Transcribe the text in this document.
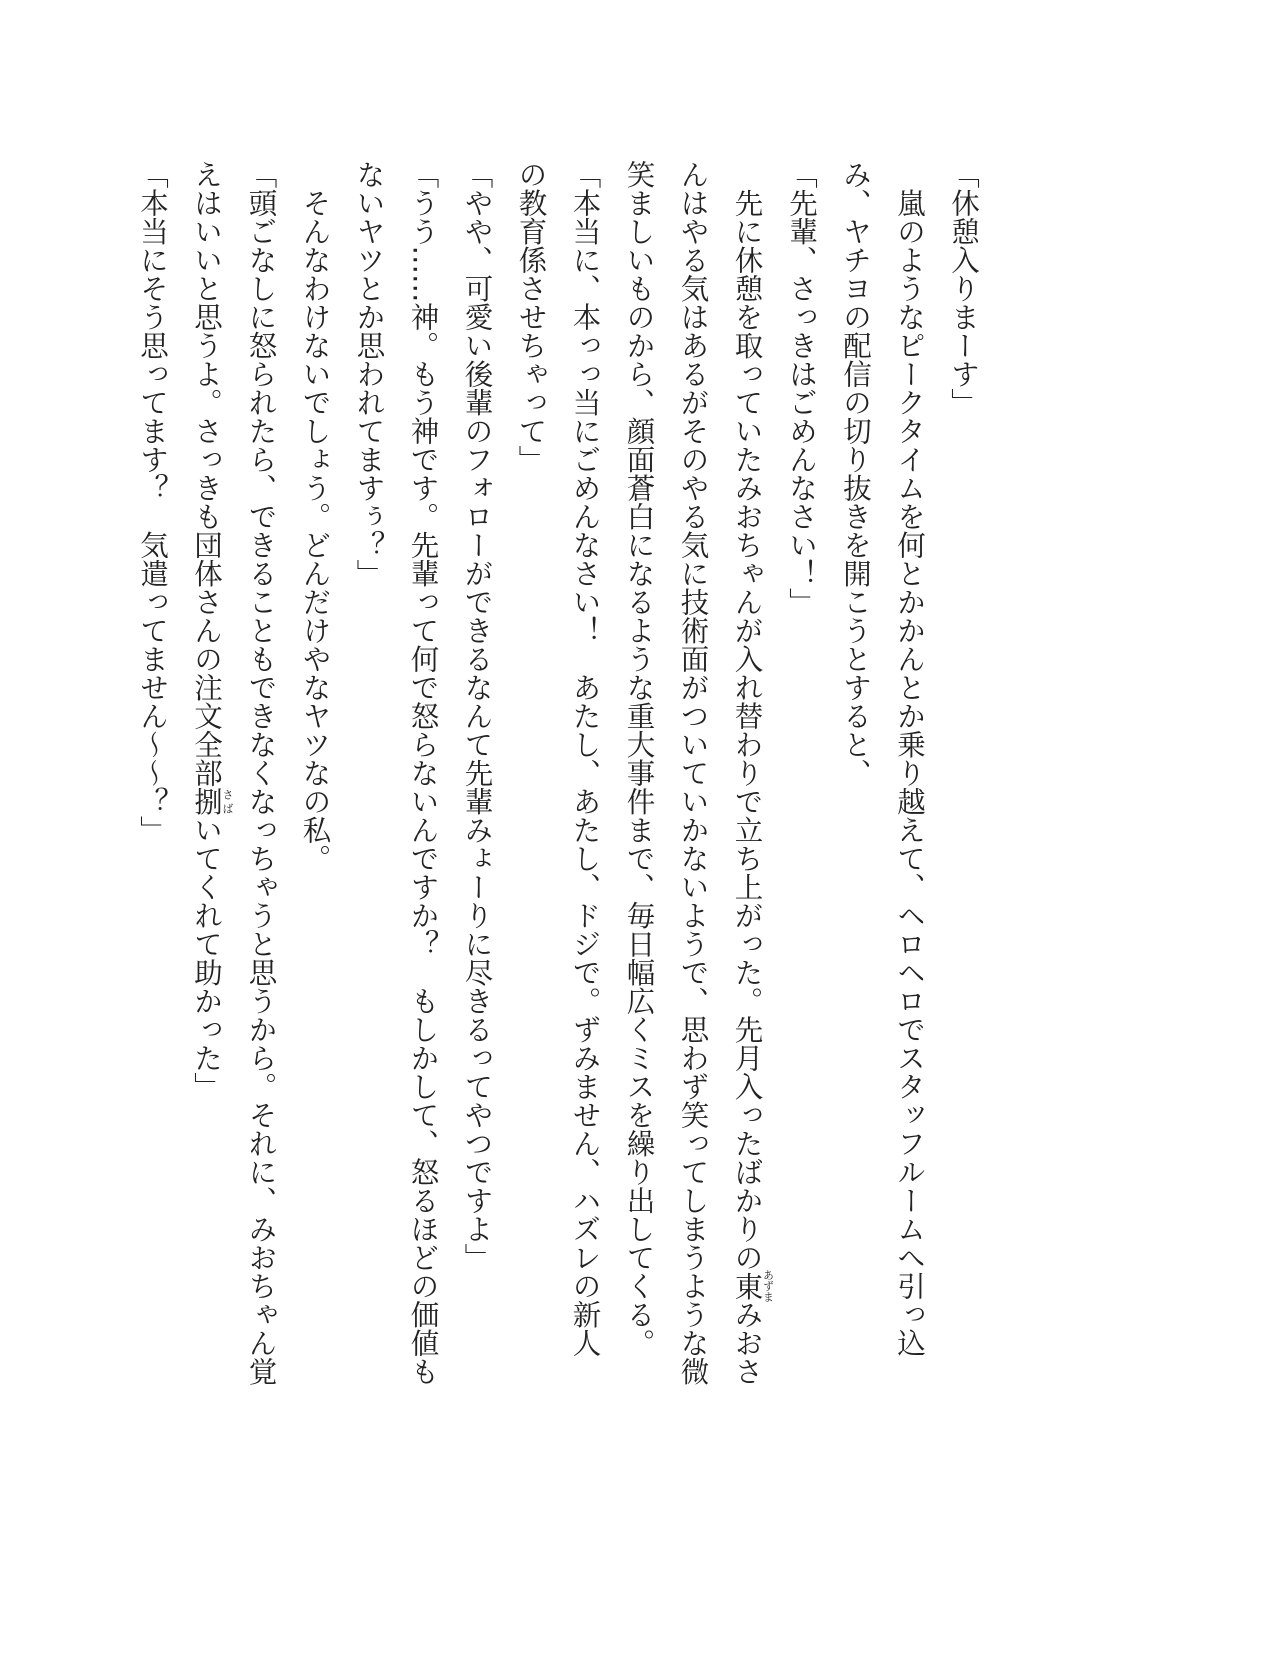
「休憩入りまーす」
　嵐のようなピークタイムを何とかかんとか乗り越えて、ヘロヘロでスタッフルームへ引っ込
み、ヤチヨの配信の切り抜きを開こうとすると、
「先輩、さっきはごめんなさい！」
　先に休憩を取っていたみおちゃんが入れ替わりで立ち上がった。先月入ったばかりの東あずまみおさ
んはやる気はあるがそのやる気に技術面がついていかないようで、思わず笑ってしまうような微
笑ましいものから、顔面蒼白になるような重大事件まで、毎日幅広くミスを繰り出してくる。
「本当に、本っっ当にごめんなさい！　あたし、あたし、ドジで。ずみません、ハズレの新人
の教育係させちゃって」
「やや、可愛い後輩のフォローができるなんて先輩みょーりに尽きるってやつですよ」
「うう……神。もう神です。先輩って何で怒らないんですか？　もしかして、怒るほどの価値も
ないヤツとか思われてますぅ？」
　そんなわけないでしょう。どんだけやなヤツなの私。
「頭ごなしに怒られたら、できることもできなくなっちゃうと思うから。それに、みおちゃん覚
えはいいと思うよ。さっきも団体さんの注文全部捌さばいてくれて助かった」
「本当にそう思ってます？　気遣ってません～～？」
